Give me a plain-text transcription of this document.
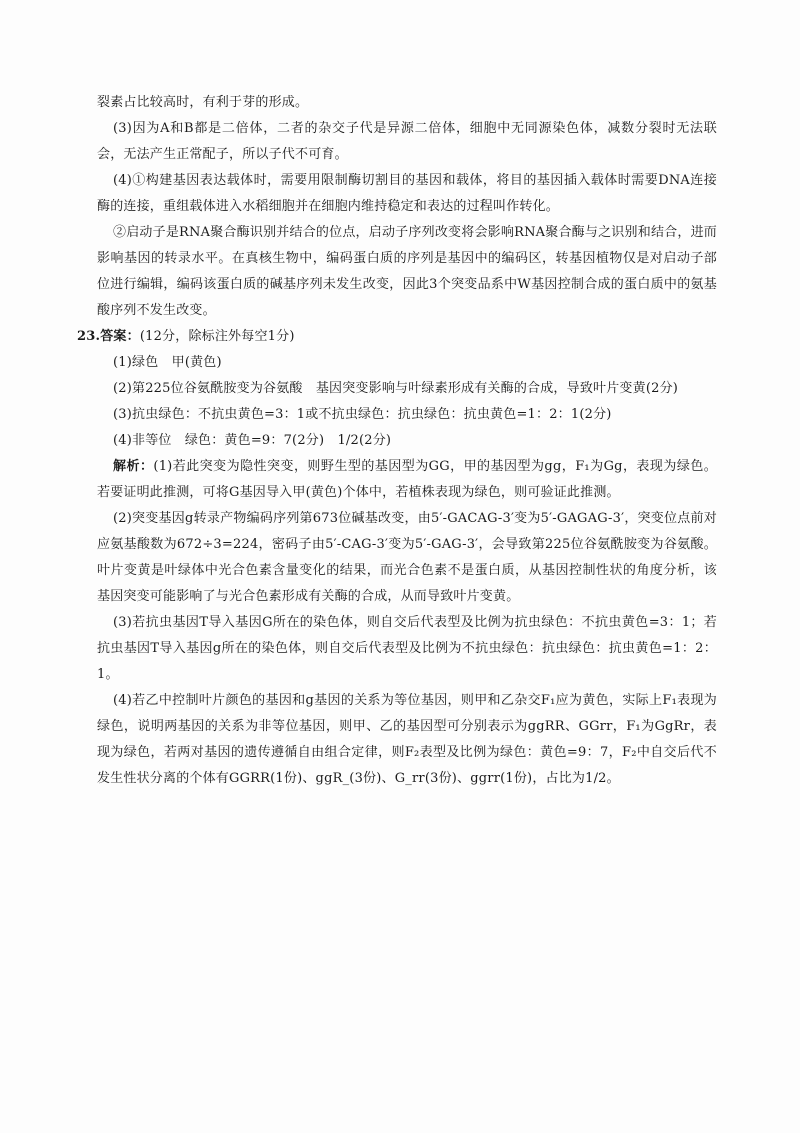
裂素占比较高时，有利于芽的形成。

(3)因为A和B都是二倍体，二者的杂交子代是异源二倍体，细胞中无同源染色体，减数分裂时无法联会，无法产生正常配子，所以子代不可育。

(4)①构建基因表达载体时，需要用限制酶切割目的基因和载体，将目的基因插入载体时需要DNA连接酶的连接，重组载体进入水稻细胞并在细胞内维持稳定和表达的过程叫作转化。

②启动子是RNA聚合酶识别并结合的位点，启动子序列改变将会影响RNA聚合酶与之识别和结合，进而影响基因的转录水平。在真核生物中，编码蛋白质的序列是基因中的编码区，转基因植物仅是对启动子部位进行编辑，编码该蛋白质的碱基序列未发生改变，因此3个突变品系中W基因控制合成的蛋白质中的氨基酸序列不发生改变。

23.答案：(12分，除标注外每空1分)

(1)绿色　甲(黄色)

(2)第225位谷氨酰胺变为谷氨酸　基因突变影响与叶绿素形成有关酶的合成，导致叶片变黄(2分)

(3)抗虫绿色：不抗虫黄色=3：1或不抗虫绿色：抗虫绿色：抗虫黄色=1：2：1(2分)

(4)非等位　绿色：黄色=9：7(2分)　1/2(2分)

解析：(1)若此突变为隐性突变，则野生型的基因型为GG，甲的基因型为gg，F₁为Gg，表现为绿色。若要证明此推测，可将G基因导入甲(黄色)个体中，若植株表现为绿色，则可验证此推测。

(2)突变基因g转录产物编码序列第673位碱基改变，由5′-GACAG-3′变为5′-GAGAG-3′，突变位点前对应氨基酸数为672÷3=224，密码子由5′-CAG-3′变为5′-GAG-3′，会导致第225位谷氨酰胺变为谷氨酸。叶片变黄是叶绿体中光合色素含量变化的结果，而光合色素不是蛋白质，从基因控制性状的角度分析，该基因突变可能影响了与光合色素形成有关酶的合成，从而导致叶片变黄。

(3)若抗虫基因T导入基因G所在的染色体，则自交后代表型及比例为抗虫绿色：不抗虫黄色=3：1；若抗虫基因T导入基因g所在的染色体，则自交后代表型及比例为不抗虫绿色：抗虫绿色：抗虫黄色=1：2：1。

(4)若乙中控制叶片颜色的基因和g基因的关系为等位基因，则甲和乙杂交F₁应为黄色，实际上F₁表现为绿色，说明两基因的关系为非等位基因，则甲、乙的基因型可分别表示为ggRR、GGrr，F₁为GgRr，表现为绿色，若两对基因的遗传遵循自由组合定律，则F₂表型及比例为绿色：黄色=9：7，F₂中自交后代不发生性状分离的个体有GGRR(1份)、ggR_(3份)、G_rr(3份)、ggrr(1份)，占比为1/2。
